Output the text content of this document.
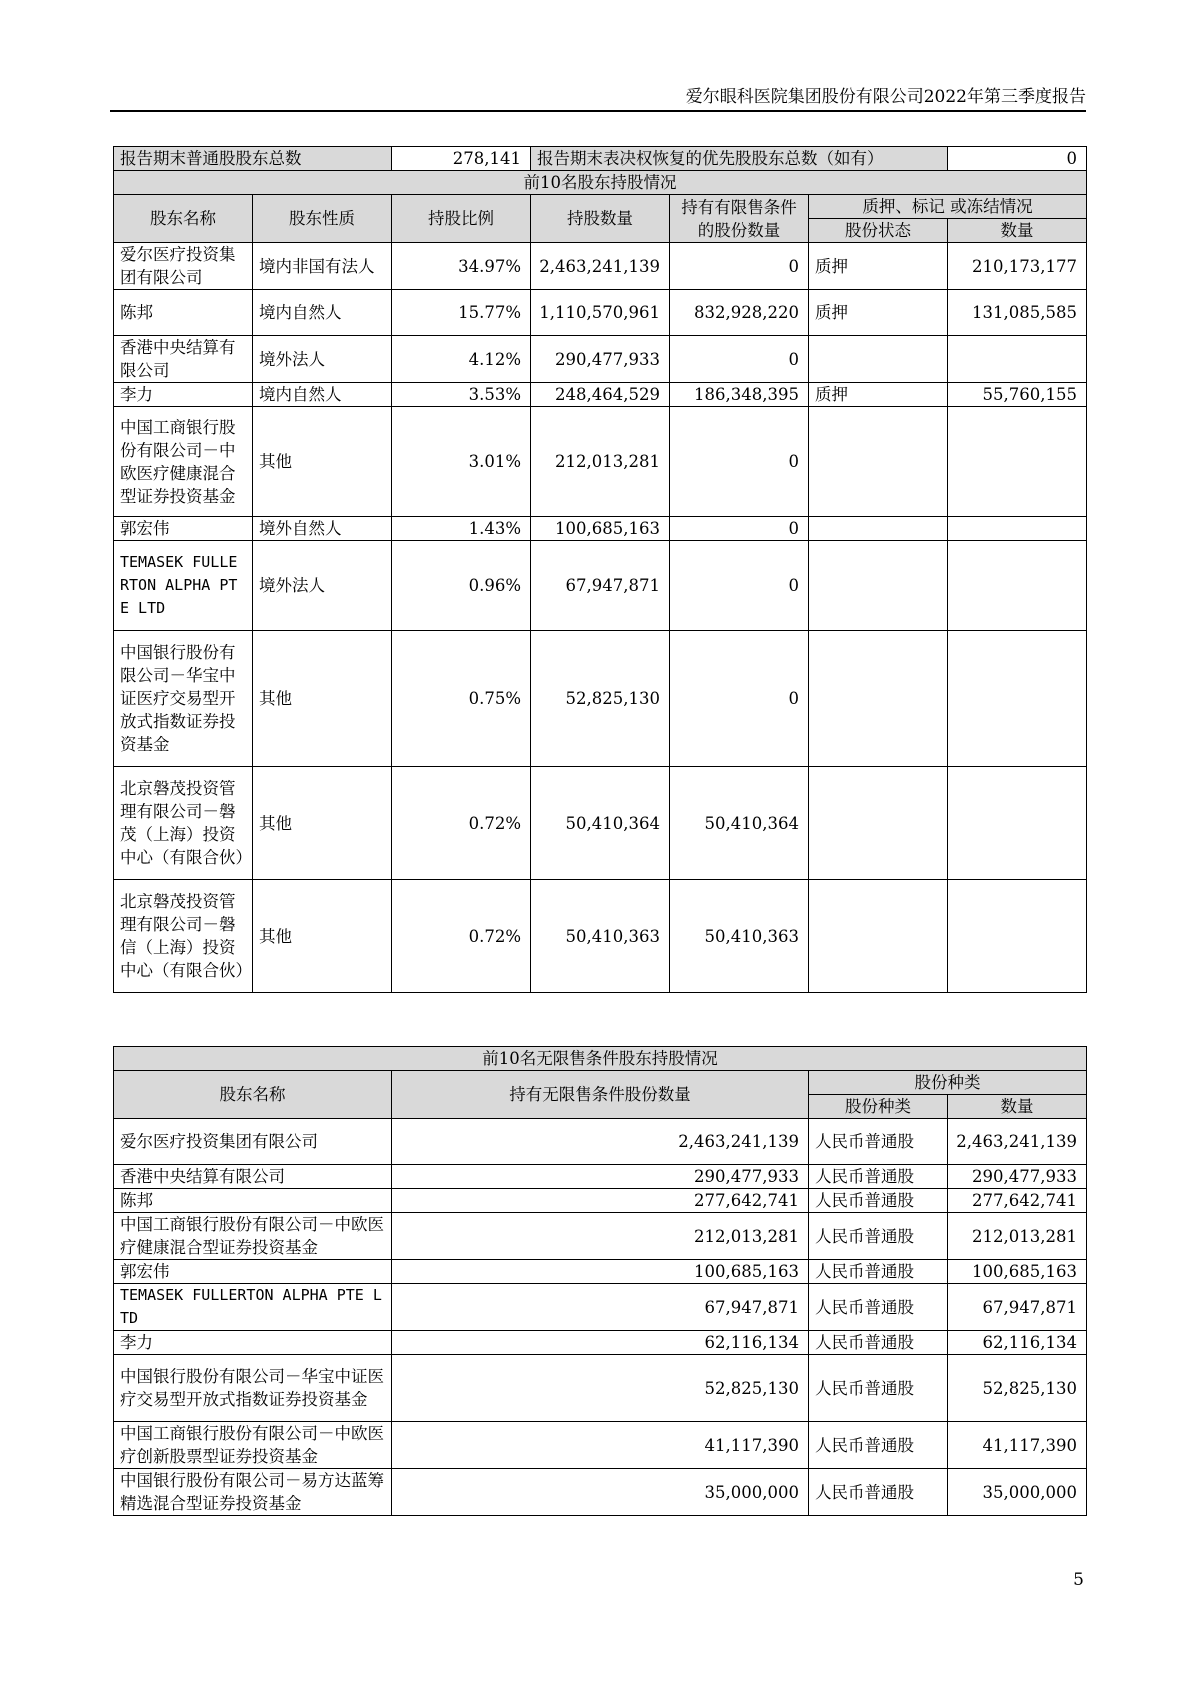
爱尔眼科医院集团股份有限公司2022年第三季度报告
报告期末普通股股东总数		278,141	报告期末表决权恢复的优先股股东总数（如有）			0
前10名股东持股情况						
股东名称	股东性质	持股比例	持股数量	持有有限售条件的股份数量	质押、标记 或冻结情况	
					股份状态	数量
爱尔医疗投资集团有限公司	境内非国有法人	34.97%	2,463,241,139	0	质押	210,173,177
陈邦	境内自然人	15.77%	1,110,570,961	832,928,220	质押	131,085,585
香港中央结算有限公司	境外法人	4.12%	290,477,933	0		
李力	境内自然人	3.53%	248,464,529	186,348,395	质押	55,760,155
中国工商银行股份有限公司－中欧医疗健康混合型证券投资基金	其他	3.01%	212,013,281	0		
郭宏伟	境外自然人	1.43%	100,685,163	0		
TEMASEK FULLERTON ALPHA PTE LTD	境外法人	0.96%	67,947,871	0		
中国银行股份有限公司－华宝中证医疗交易型开放式指数证券投资基金	其他	0.75%	52,825,130	0		
北京磐茂投资管理有限公司－磐茂（上海）投资中心（有限合伙）	其他	0.72%	50,410,364	50,410,364		
北京磐茂投资管理有限公司－磐信（上海）投资中心（有限合伙）	其他	0.72%	50,410,363	50,410,363		
前10名无限售条件股东持股情况			
股东名称	持有无限售条件股份数量	股份种类	
		股份种类	数量
爱尔医疗投资集团有限公司	2,463,241,139	人民币普通股	2,463,241,139
香港中央结算有限公司	290,477,933	人民币普通股	290,477,933
陈邦	277,642,741	人民币普通股	277,642,741
中国工商银行股份有限公司－中欧医疗健康混合型证券投资基金	212,013,281	人民币普通股	212,013,281
郭宏伟	100,685,163	人民币普通股	100,685,163
TEMASEK FULLERTON ALPHA PTE LTD	67,947,871	人民币普通股	67,947,871
李力	62,116,134	人民币普通股	62,116,134
中国银行股份有限公司－华宝中证医疗交易型开放式指数证券投资基金	52,825,130	人民币普通股	52,825,130
中国工商银行股份有限公司－中欧医疗创新股票型证券投资基金	41,117,390	人民币普通股	41,117,390
中国银行股份有限公司－易方达蓝筹精选混合型证券投资基金	35,000,000	人民币普通股	35,000,000
5
